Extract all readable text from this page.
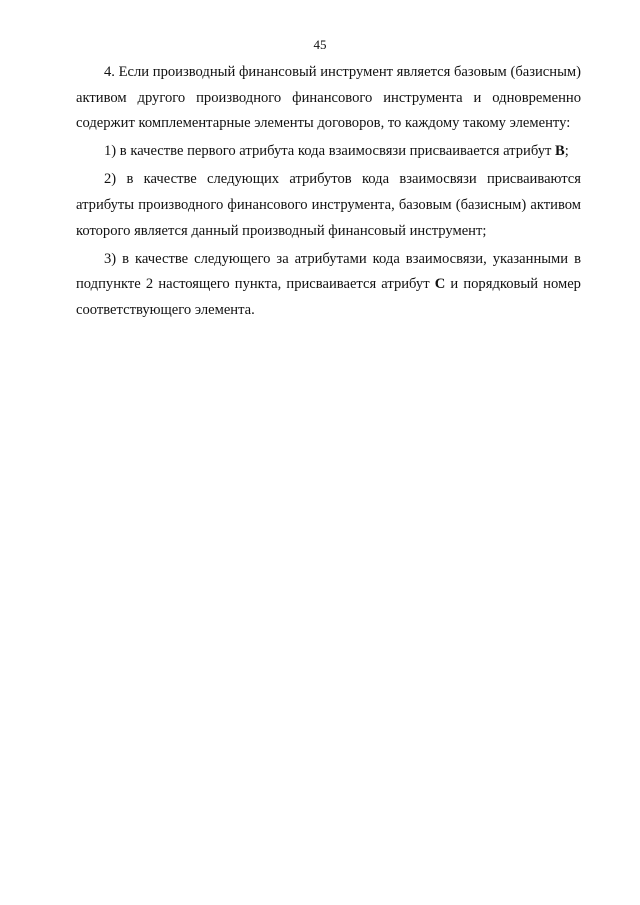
45

4. Если производный финансовый инструмент является базовым (базисным) активом другого производного финансового инструмента и одновременно содержит комплементарные элементы договоров, то каждому такому элементу:

1) в качестве первого атрибута кода взаимосвязи присваивается атрибут B;

2) в качестве следующих атрибутов кода взаимосвязи присваиваются атрибуты производного финансового инструмента, базовым (базисным) активом которого является данный производный финансовый инструмент;

3) в качестве следующего за атрибутами кода взаимосвязи, указанными в подпункте 2 настоящего пункта, присваивается атрибут C и порядковый номер соответствующего элемента.
